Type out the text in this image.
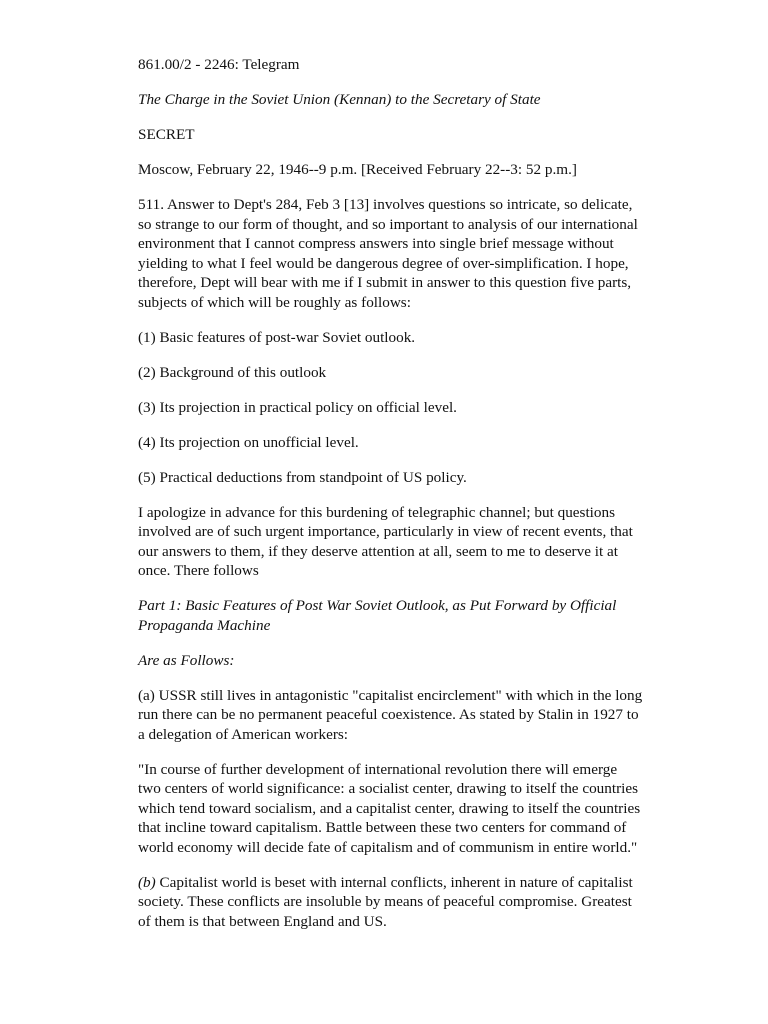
861.00/2 - 2246: Telegram

The Charge in the Soviet Union (Kennan) to the Secretary of State

SECRET

Moscow, February 22, 1946--9 p.m. [Received February 22--3: 52 p.m.]

511. Answer to Dept's 284, Feb 3 [13] involves questions so intricate, so delicate, so strange to our form of thought, and so important to analysis of our international environment that I cannot compress answers into single brief message without yielding to what I feel would be dangerous degree of over-simplification. I hope, therefore, Dept will bear with me if I submit in answer to this question five parts, subjects of which will be roughly as follows:

(1) Basic features of post-war Soviet outlook.

(2) Background of this outlook

(3) Its projection in practical policy on official level.

(4) Its projection on unofficial level.

(5) Practical deductions from standpoint of US policy.

I apologize in advance for this burdening of telegraphic channel; but questions involved are of such urgent importance, particularly in view of recent events, that our answers to them, if they deserve attention at all, seem to me to deserve it at once. There follows

Part 1: Basic Features of Post War Soviet Outlook, as Put Forward by Official Propaganda Machine

Are as Follows:

(a) USSR still lives in antagonistic "capitalist encirclement" with which in the long run there can be no permanent peaceful coexistence. As stated by Stalin in 1927 to a delegation of American workers:

"In course of further development of international revolution there will emerge two centers of world significance: a socialist center, drawing to itself the countries which tend toward socialism, and a capitalist center, drawing to itself the countries that incline toward capitalism. Battle between these two centers for command of world economy will decide fate of capitalism and of communism in entire world."

(b) Capitalist world is beset with internal conflicts, inherent in nature of capitalist society. These conflicts are insoluble by means of peaceful compromise. Greatest of them is that between England and US.
